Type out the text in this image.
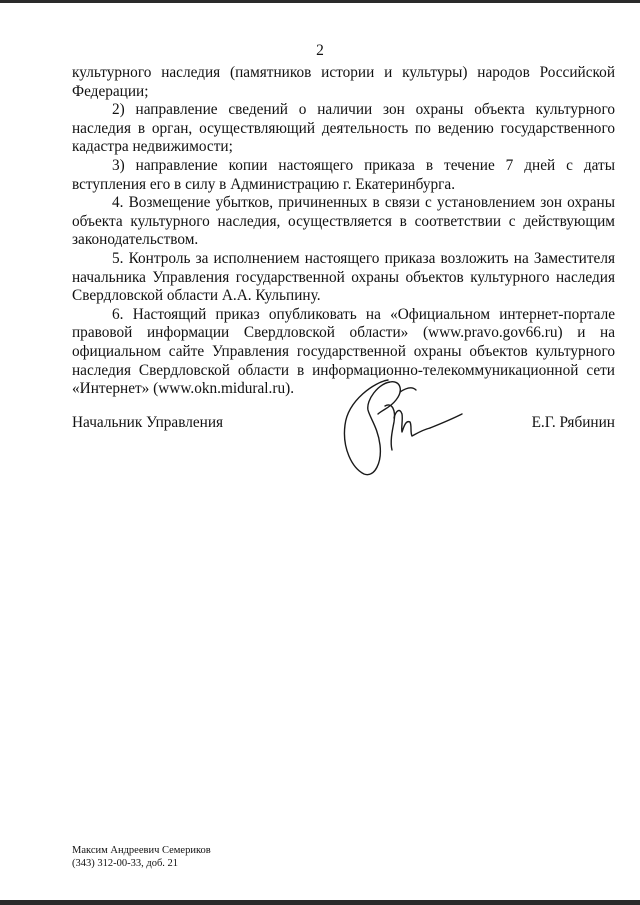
2

культурного наследия (памятников истории и культуры) народов Российской Федерации;

2) направление сведений о наличии зон охраны объекта культурного наследия в орган, осуществляющий деятельность по ведению государственного кадастра недвижимости;

3) направление копии настоящего приказа в течение 7 дней с даты вступления его в силу в Администрацию г. Екатеринбурга.

4. Возмещение убытков, причиненных в связи с установлением зон охраны объекта культурного наследия, осуществляется в соответствии с действующим законодательством.

5. Контроль за исполнением настоящего приказа возложить на Заместителя начальника Управления государственной охраны объектов культурного наследия Свердловской области А.А. Кульпину.

6. Настоящий приказ опубликовать на «Официальном интернет-портале правовой информации Свердловской области» (www.pravo.gov66.ru) и на официальном сайте Управления государственной охраны объектов культурного наследия Свердловской области в информационно-телекоммуникационной сети «Интернет» (www.okn.midural.ru).

Начальник Управления	Е.Г. Рябинин
Максим Андреевич Семериков
(343) 312-00-33, доб. 21
